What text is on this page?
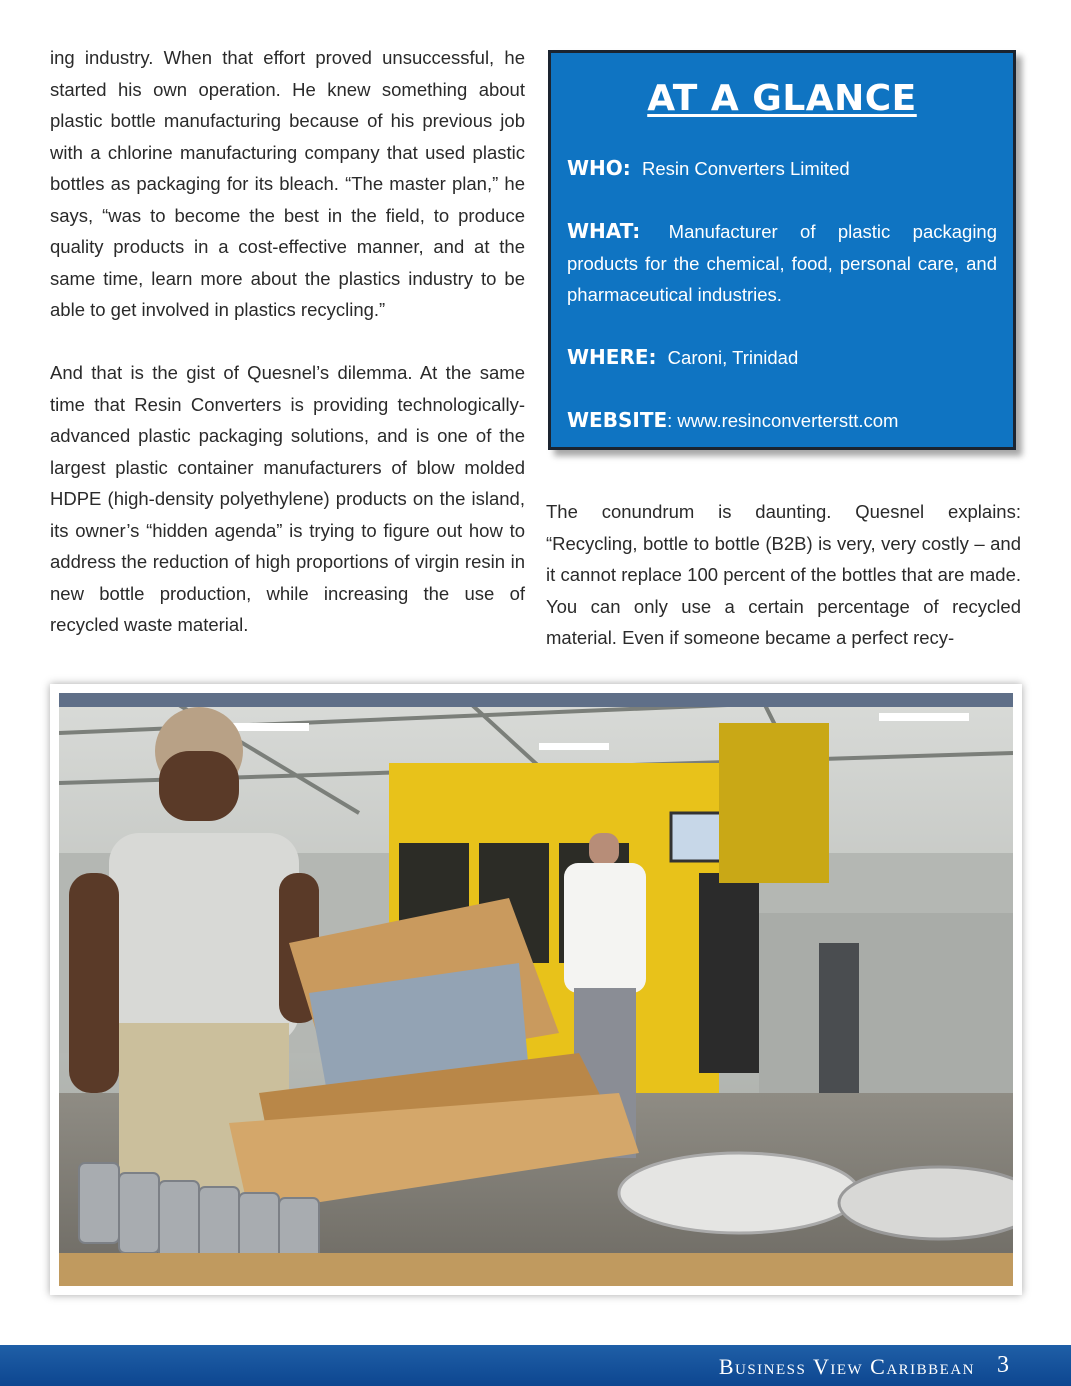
ing industry. When that effort proved unsuccessful, he started his own operation. He knew something about plastic bottle manufacturing because of his previous job with a chlorine manufacturing company that used plastic bottles as packaging for its bleach. “The master plan,” he says, “was to become the best in the field, to produce quality products in a cost-effective manner, and at the same time, learn more about the plastics industry to be able to get involved in plastics recycling.”

And that is the gist of Quesnel’s dilemma. At the same time that Resin Converters is providing technologically-advanced plastic packaging solutions, and is one of the largest plastic container manufacturers of blow molded HDPE (high-density polyethylene) products on the island, its owner’s “hidden agenda” is trying to figure out how to address the reduction of high proportions of virgin resin in new bottle production, while increasing the use of recycled waste material.

AT A GLANCE
WHO: Resin Converters Limited
WHAT: Manufacturer of plastic packaging products for the chemical, food, personal care, and pharmaceutical industries.
WHERE: Caroni, Trinidad
WEBSITE: www.resinconverterstt.com

The conundrum is daunting. Quesnel explains: “Recycling, bottle to bottle (B2B) is very, very costly – and it cannot replace 100 percent of the bottles that are made. You can only use a certain percentage of recycled material. Even if someone became a perfect recy-

Business View Caribbean 3
